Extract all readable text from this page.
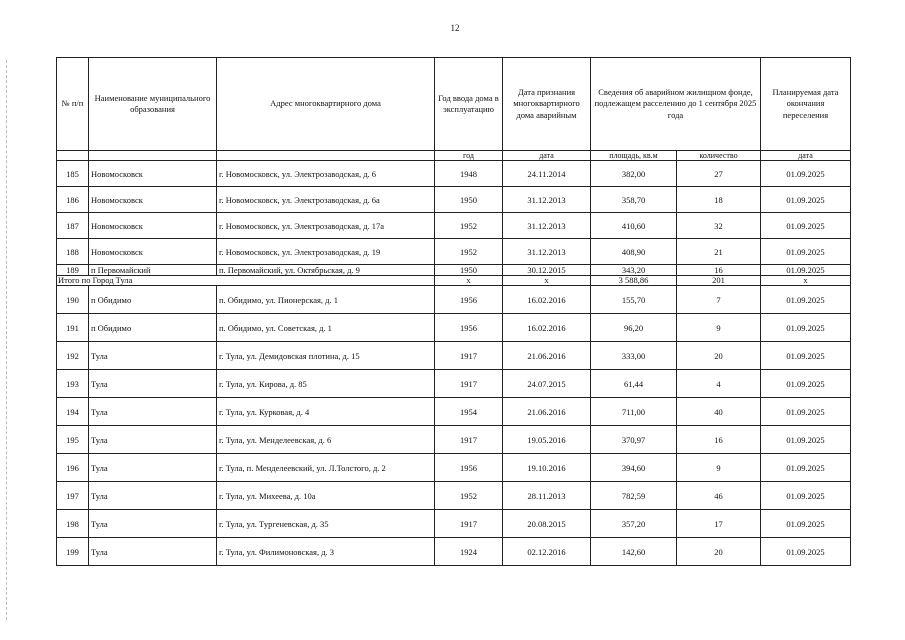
12
№ п/п	Наименование муниципального образования	Адрес многоквартирного дома	Год ввода дома в эксплуатацию	Дата признания многоквартирного дома аварийным	Сведения об аварийном жилищном фонде, подлежащем расселению до 1 сентября 2025 года		Планируемая дата окончания переселения
			год	дата	площадь, кв.м	количество	дата
185	Новомосковск	г. Новомосковск, ул. Электрозаводская, д. 6	1948	24.11.2014	382,00	27	01.09.2025
186	Новомосковск	г. Новомосковск, ул. Электрозаводская, д. 6а	1950	31.12.2013	358,70	18	01.09.2025
187	Новомосковск	г. Новомосковск, ул. Электрозаводская, д. 17а	1952	31.12.2013	410,60	32	01.09.2025
188	Новомосковск	г. Новомосковск, ул. Электрозаводская, д. 19	1952	31.12.2013	408,90	21	01.09.2025
189	п Первомайский	п. Первомайский, ул. Октябрьская, д. 9	1950	30.12.2015	343,20	16	01.09.2025
Итого по Город Тула			х	х	3 588,86	201	х
190	п Обидимо	п. Обидимо, ул. Пионерская, д. 1	1956	16.02.2016	155,70	7	01.09.2025
191	п Обидимо	п. Обидимо, ул. Советская, д. 1	1956	16.02.2016	96,20	9	01.09.2025
192	Тула	г. Тула, ул. Демидовская плотина, д. 15	1917	21.06.2016	333,00	20	01.09.2025
193	Тула	г. Тула, ул. Кирова, д. 85	1917	24.07.2015	61,44	4	01.09.2025
194	Тула	г. Тула, ул. Курковая, д. 4	1954	21.06.2016	711,00	40	01.09.2025
195	Тула	г. Тула, ул. Менделеевская, д. 6	1917	19.05.2016	370,97	16	01.09.2025
196	Тула	г. Тула, п. Менделеевский, ул. Л.Толстого, д. 2	1956	19.10.2016	394,60	9	01.09.2025
197	Тула	г. Тула, ул. Михеева, д. 10а	1952	28.11.2013	782,59	46	01.09.2025
198	Тула	г. Тула, ул. Тургеневская, д. 35	1917	20.08.2015	357,20	17	01.09.2025
199	Тула	г. Тула, ул. Филимоновская, д. 3	1924	02.12.2016	142,60	20	01.09.2025
